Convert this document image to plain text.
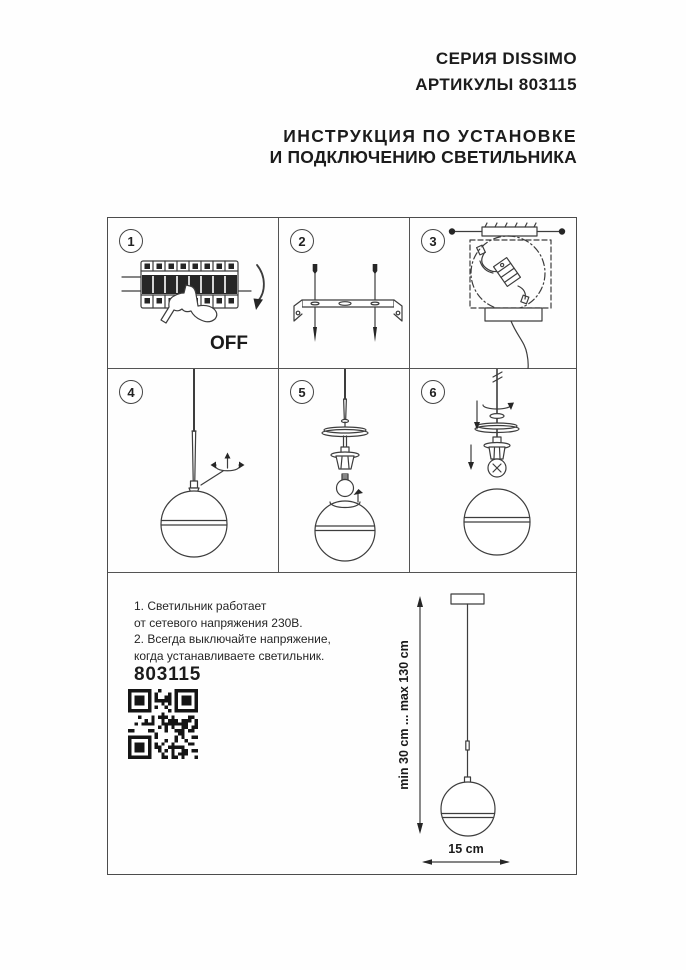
СЕРИЯ DISSIMO
АРТИКУЛЫ 803115
ИНСТРУКЦИЯ ПО УСТАНОВКЕ
И ПОДКЛЮЧЕНИЮ СВЕТИЛЬНИКА
1
OFF
2	3
4	5	6
1. Светильник работает
от сетевого напряжения 230В.
2. Всегда выключайте напряжение,
когда устанавливаете светильник.
803115	min 30 cm ... max 130 cm
15 cm
